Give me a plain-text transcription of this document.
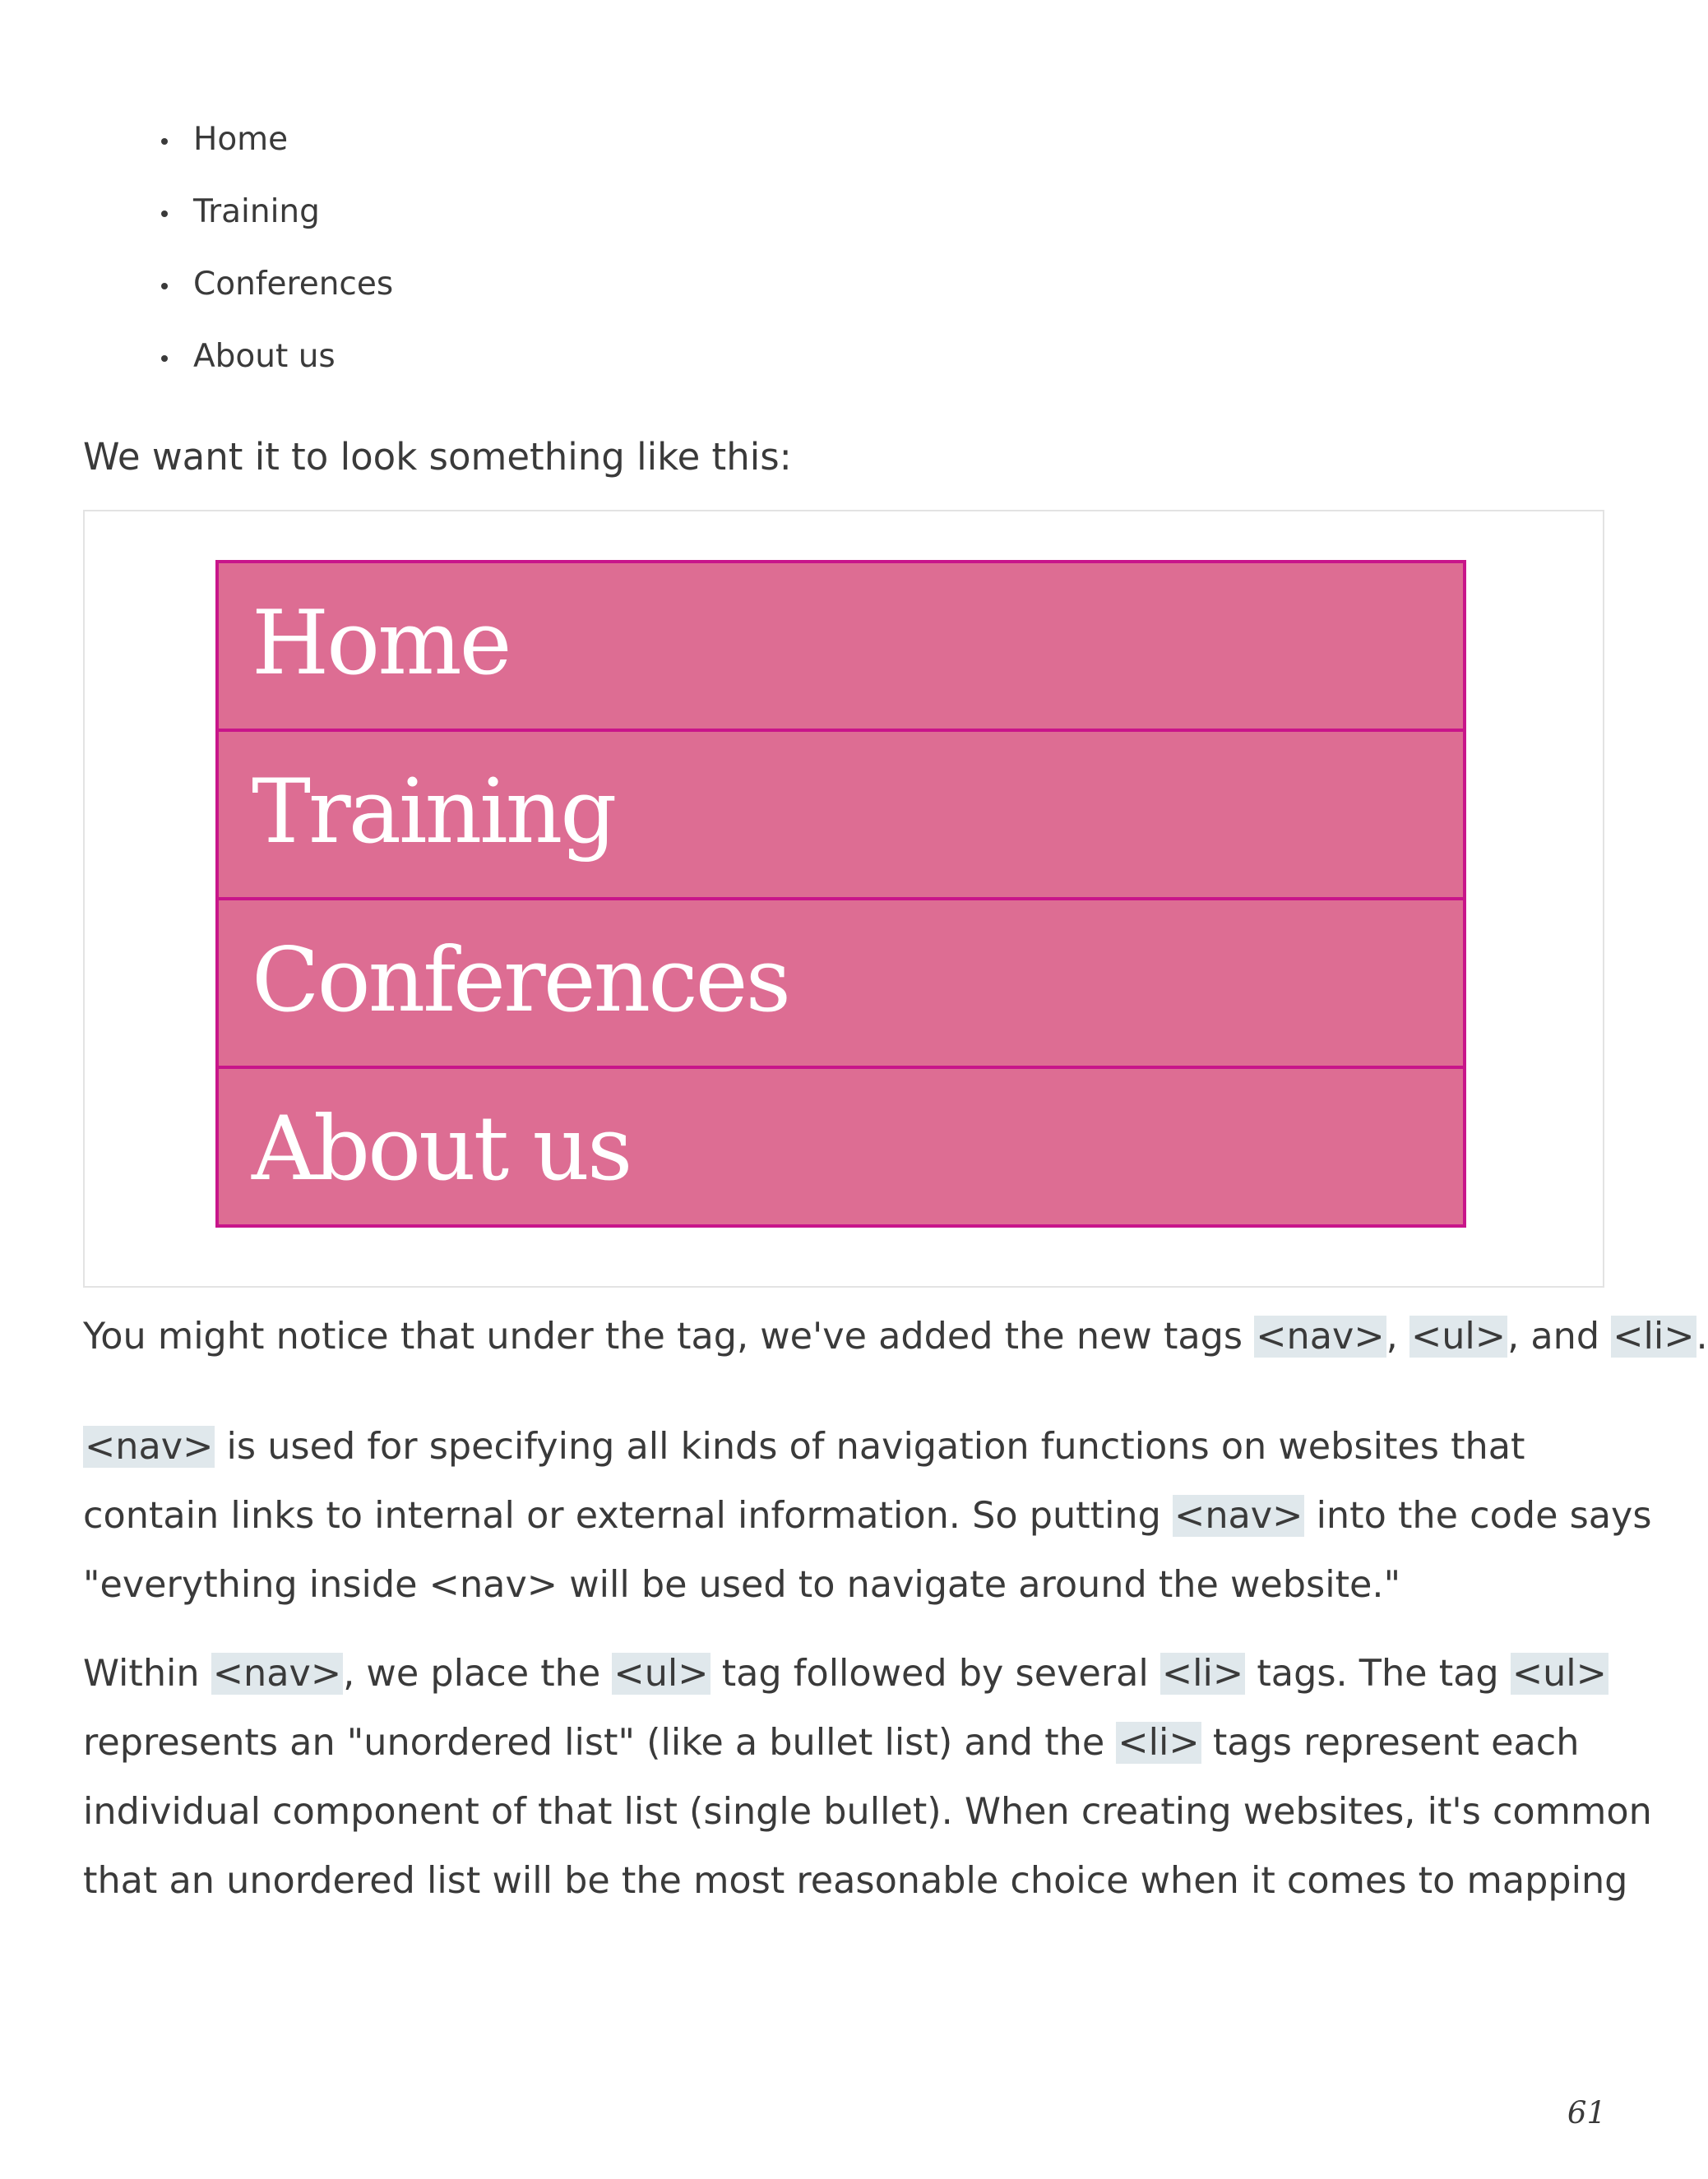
Home
Training
Conferences
About us

We want it to look something like this:

Home
Training
Conferences
About us

You might notice that under the tag, we've added the new tags <nav>, <ul>, and <li>.

<nav> is used for specifying all kinds of navigation functions on websites that

contain links to internal or external information. So putting <nav> into the code says

"everything inside <nav> will be used to navigate around the website."

Within <nav>, we place the <ul> tag followed by several <li> tags. The tag <ul>

represents an "unordered list" (like a bullet list) and the <li> tags represent each

individual component of that list (single bullet). When creating websites, it's common

that an unordered list will be the most reasonable choice when it comes to mapping

61
